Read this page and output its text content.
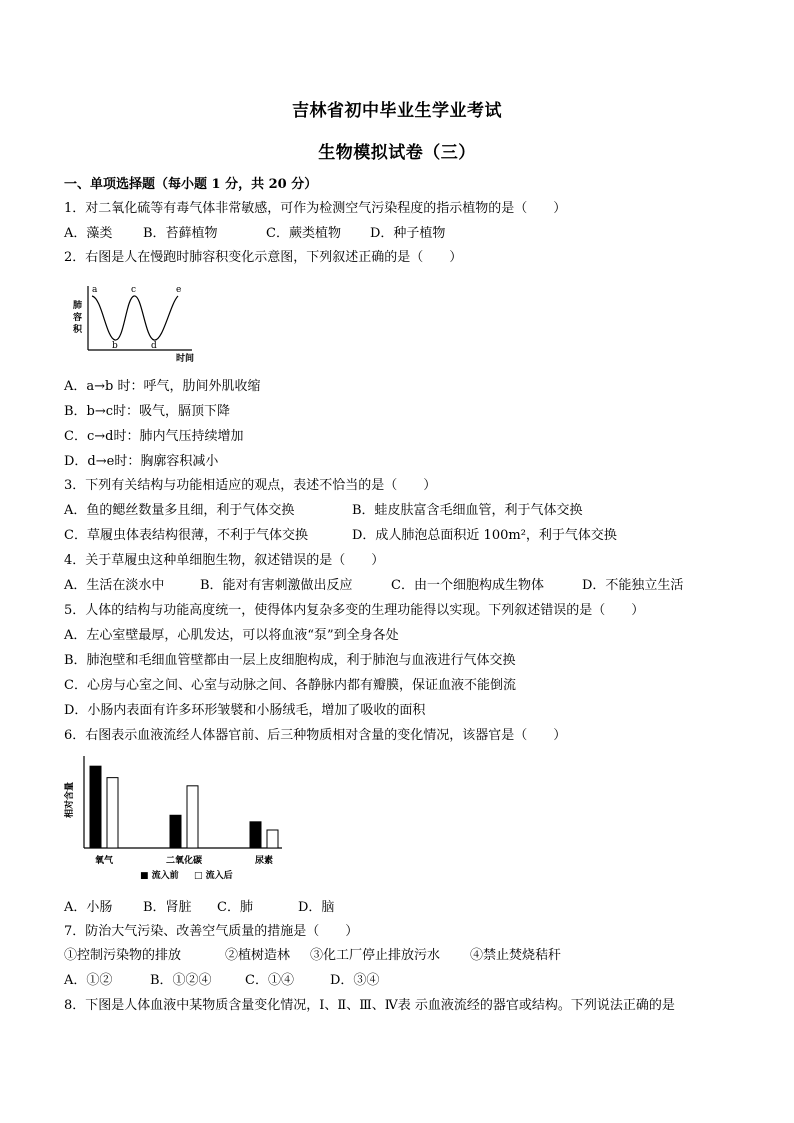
吉林省初中毕业生学业考试
生物模拟试卷（三）
一、单项选择题（每小题 1 分，共 20 分）
1．对二氧化硫等有毒气体非常敏感，可作为检测空气污染程度的指示植物的是（　　）
A．藻类 B．苔藓植物	C．蕨类植物 D．种子植物
2．右图是人在慢跑时肺容积变化示意图，下列叙述正确的是（　　）
肺
容
积
a
b
c
d
e
时间
A．a→b 时：呼气，肋间外肌收缩
B．b→c时：吸气，膈顶下降
C．c→d时：肺内气压持续增加
D．d→e时：胸廓容积减小
3．下列有关结构与功能相适应的观点，表述不恰当的是（　　）
A．鱼的鳃丝数量多且细，利于气体交换	B．蛙皮肤富含毛细血管，利于气体交换
C．草履虫体表结构很薄，不利于气体交换	D．成人肺泡总面积近 100m²，利于气体交换
4．关于草履虫这种单细胞生物，叙述错误的是（　　）
A．生活在淡水中	B．能对有害刺激做出反应	C．由一个细胞构成生物体	D．不能独立生活
5．人体的结构与功能高度统一，使得体内复杂多变的生理功能得以实现。下列叙述错误的是（　　）
A．左心室壁最厚，心肌发达，可以将血液“泵”到全身各处
B．肺泡壁和毛细血管壁都由一层上皮细胞构成，利于肺泡与血液进行气体交换
C．心房与心室之间、心室与动脉之间、各静脉内都有瓣膜，保证血液不能倒流
D．小肠内表面有许多环形皱襞和小肠绒毛，增加了吸收的面积
6．右图表示血液流经人体器官前、后三种物质相对含量的变化情况，该器官是（　　）
相对含量
氧气	二氧化碳	尿素
■ 流入前 □ 流入后
A．小肠 B．肾脏 C．肺	D．脑
7．防治大气污染、改善空气质量的措施是（　　）
①控制污染物的排放	②植树造林 ③化工厂停止排放污水 ④禁止焚烧秸秆
A．①②	B．①②④	C．①④	D．③④
8．下图是人体血液中某物质含量变化情况，Ⅰ、Ⅱ、Ⅲ、Ⅳ表 示血液流经的器官或结构。下列说法正确的是
